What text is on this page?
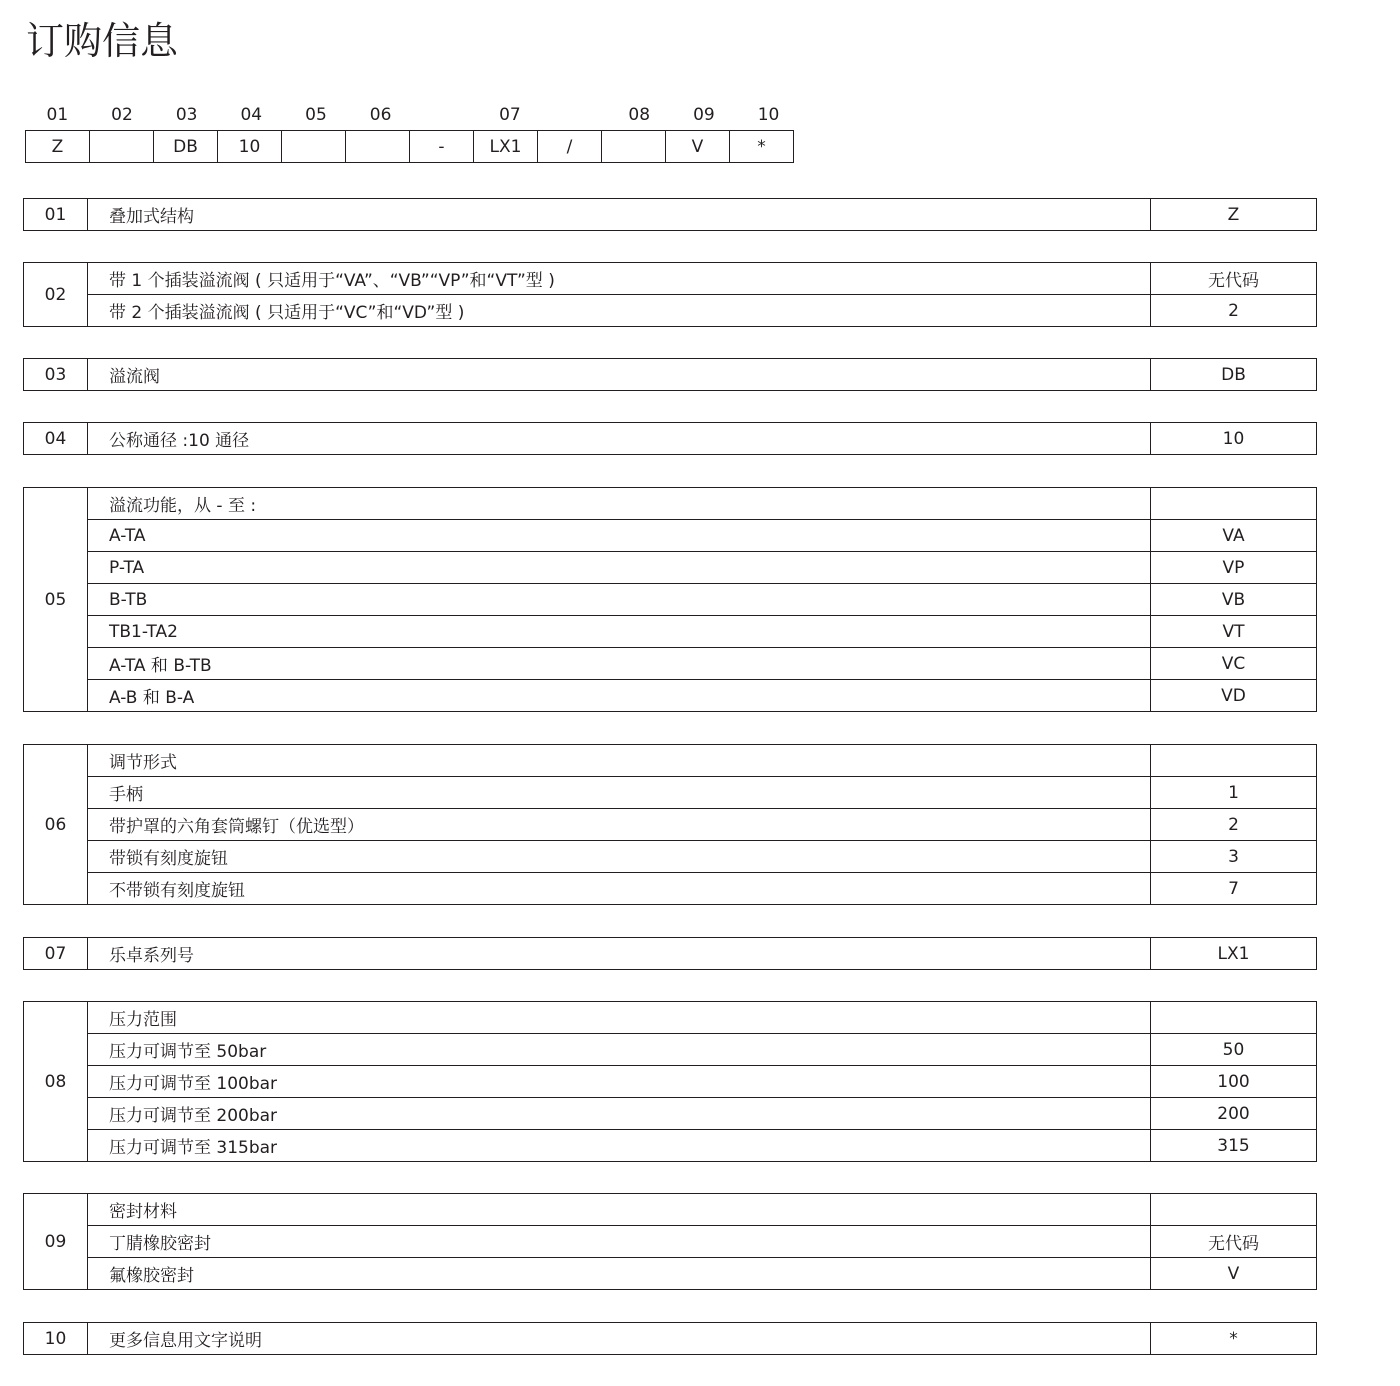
订购信息
01	02	03	04	05	06	07	08	09	10
Z		DB	10			-	LX1	/		V	*
01	叠加式结构	Z
02	带 1 个插装溢流阀 ( 只适用于“VA”、“VB”“VP”和“VT”型 )	无代码
	带 2 个插装溢流阀 ( 只适用于“VC”和“VD”型 )	2
03	溢流阀	DB
04	公称通径 :10 通径	10
05	溢流功能，从 - 至 :	
	A-TA	VA
	P-TA	VP
	B-TB	VB
	TB1-TA2	VT
	A-TA 和 B-TB	VC
	A-B 和 B-A	VD
06	调节形式	
	手柄	1
	带护罩的六角套筒螺钉（优选型）	2
	带锁有刻度旋钮	3
	不带锁有刻度旋钮	7
07	乐卓系列号	LX1
08	压力范围	
	压力可调节至 50bar	50
	压力可调节至 100bar	100
	压力可调节至 200bar	200
	压力可调节至 315bar	315
09	密封材料	
	丁腈橡胶密封	无代码
	氟橡胶密封	V
10	更多信息用文字说明	*
